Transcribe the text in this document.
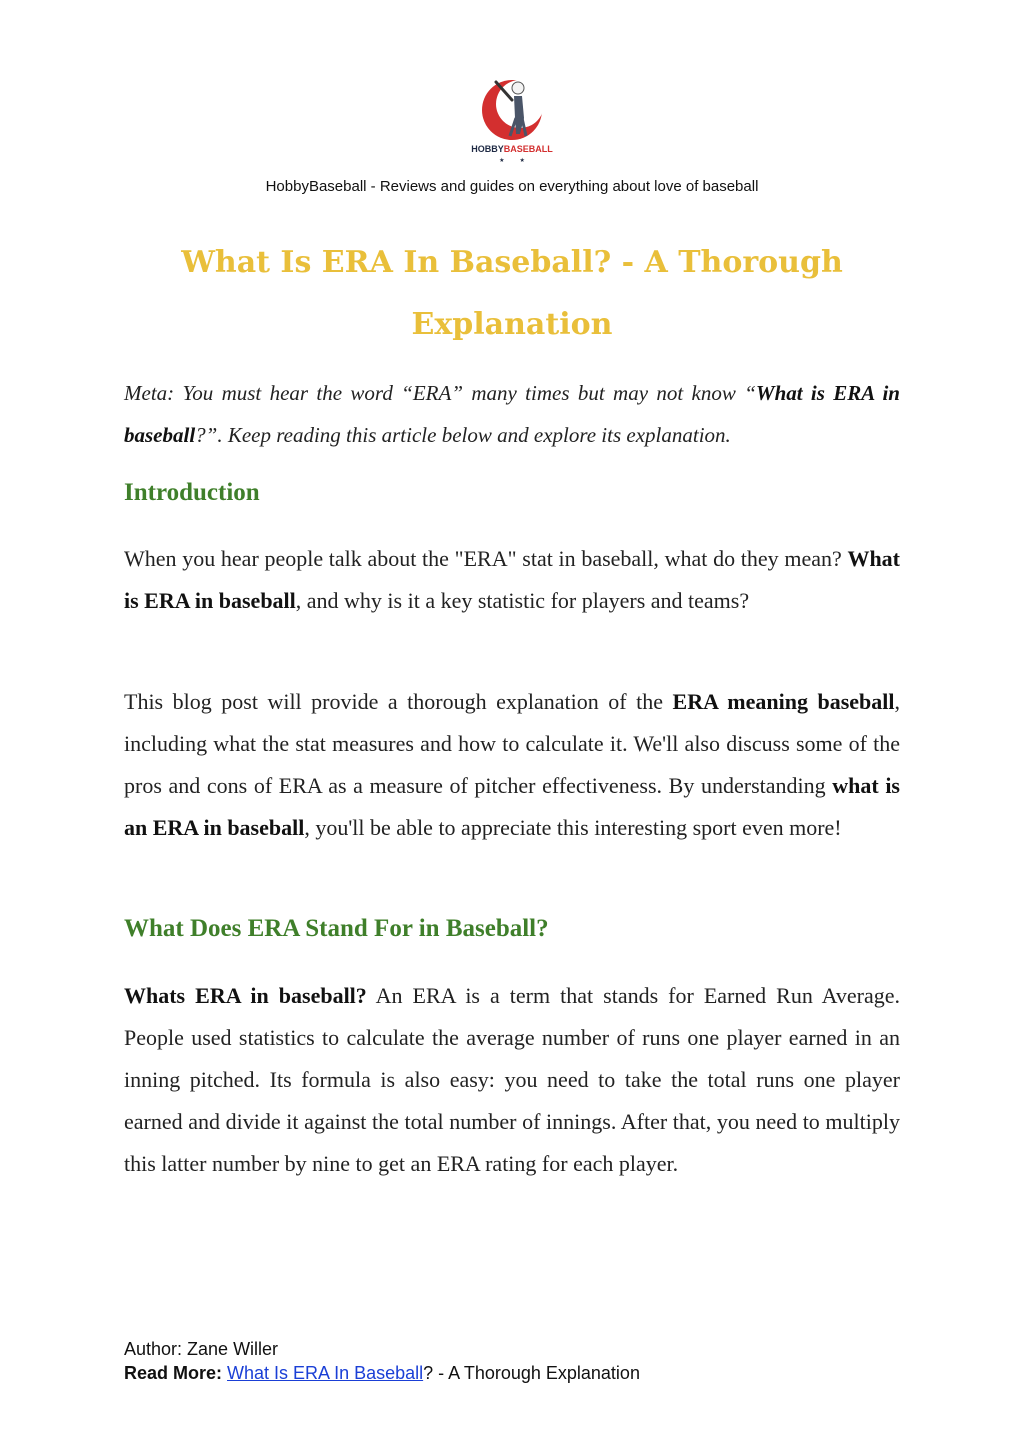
HOBBYBASEBALL
★          ★
HobbyBaseball - Reviews and guides on everything about love of baseball
What Is ERA In Baseball? - A Thorough Explanation

Meta: You must hear the word “ERA” many times but may not know “What is ERA in baseball?”. Keep reading this article below and explore its explanation.

Introduction

When you hear people talk about the "ERA" stat in baseball, what do they mean? What is ERA in baseball, and why is it a key statistic for players and teams?

This blog post will provide a thorough explanation of the ERA meaning baseball, including what the stat measures and how to calculate it. We'll also discuss some of the pros and cons of ERA as a measure of pitcher effectiveness. By understanding what is an ERA in baseball, you'll be able to appreciate this interesting sport even more!

What Does ERA Stand For in Baseball?

Whats ERA in baseball? An ERA is a term that stands for Earned Run Average. People used statistics to calculate the average number of runs one player earned in an inning pitched. Its formula is also easy: you need to take the total runs one player earned and divide it against the total number of innings. After that, you need to multiply this latter number by nine to get an ERA rating for each player.

Author: Zane Willer
Read More: What Is ERA In Baseball? - A Thorough Explanation
